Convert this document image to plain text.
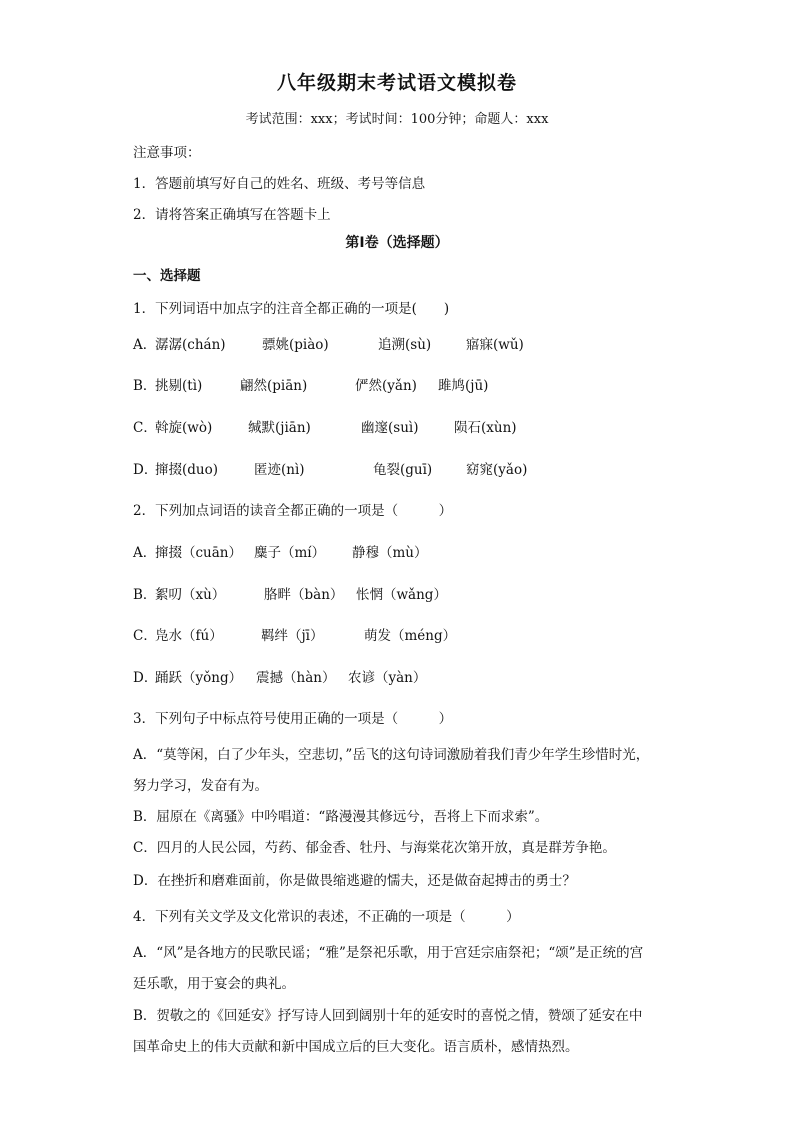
八年级期末考试语文模拟卷
考试范围：xxx；考试时间：100分钟；命题人：xxx
注意事项：
1．答题前填写好自己的姓名、班级、考号等信息
2．请将答案正确填写在答题卡上
第I卷（选择题）
一、选择题
1．下列词语中加点字的注音全都正确的一项是(　　)
A．
潺潺(chán)	骠姚(piào)	追溯(sù)	寤寐(wǔ)
B．
挑剔(tì)	翩然(piān)	俨然(yǎn) 雎鸠(jū)
C．
斡旋(wò)	缄默(jiān)	幽邃(suì)	陨石(xùn)
D．
撺掇(duo)	匿迹(nì)	龟裂(guī)	窈窕(yǎo)
2．下列加点词语的读音全都正确的一项是（　　　）
A．
撺掇（cuān） 麋子（mí） 静穆（mù）
B．
絮叨（xù）	胳畔（bàn） 怅惘（wǎng）
C．
凫水（fú）	羁绊（jī）	萌发（méng）
D．
踊跃（yǒng） 震撼（hàn） 农谚（yàn）
3．下列句子中标点符号使用正确的一项是（　　　）
A．“莫等闲，白了少年头，空悲切，”岳飞的这句诗词激励着我们青少年学生珍惜时光，
努力学习，发奋有为。
B．屈原在《离骚》中吟唱道：“路漫漫其修远兮，吾将上下而求索”。
C．四月的人民公园，芍药、郁金香、牡丹、与海棠花次第开放，真是群芳争艳。
D．在挫折和磨难面前，你是做畏缩逃避的懦夫，还是做奋起搏击的勇士？
4．下列有关文学及文化常识的表述，不正确的一项是（　　　）
A．“风”是各地方的民歌民谣；“雅”是祭祀乐歌，用于宫廷宗庙祭祀；“颂”是正统的宫
廷乐歌，用于宴会的典礼。
B．贺敬之的《回延安》抒写诗人回到阔别十年的延安时的喜悦之情，赞颂了延安在中
国革命史上的伟大贡献和新中国成立后的巨大变化。语言质朴，感情热烈。
